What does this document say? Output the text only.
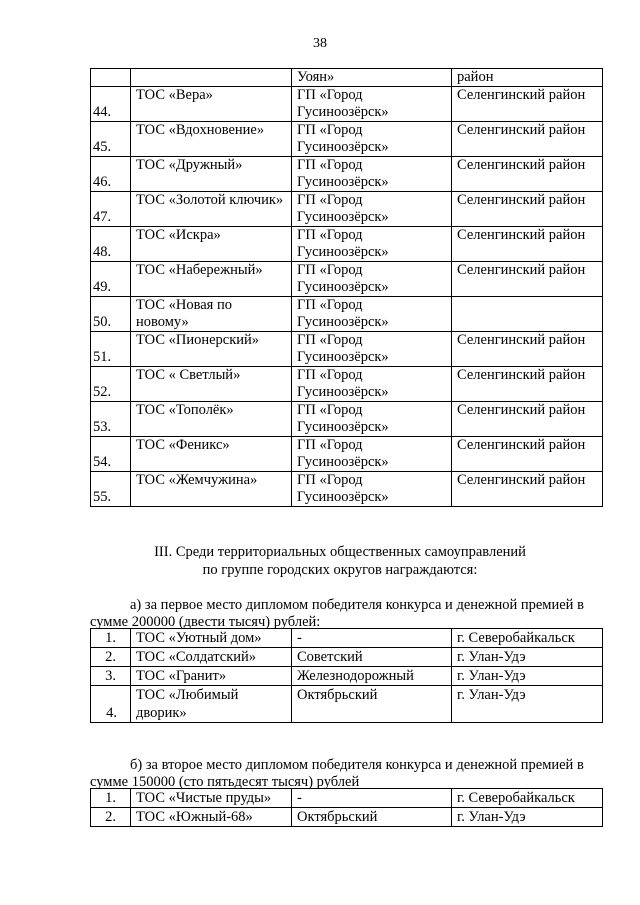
38
		Уоян»	район
44.	ТОС «Вера»	ГП «Город Гусиноозёрск»	Селенгинский район
45.	ТОС «Вдохновение»	ГП «Город Гусиноозёрск»	Селенгинский район
46.	ТОС «Дружный»	ГП «Город Гусиноозёрск»	Селенгинский район
47.	ТОС «Золотой ключик»	ГП «Город Гусиноозёрск»	Селенгинский район
48.	ТОС «Искра»	ГП «Город Гусиноозёрск»	Селенгинский район
49.	ТОС «Набережный»	ГП «Город Гусиноозёрск»	Селенгинский район
50.	ТОС «Новая по новому»	ГП «Город Гусиноозёрск»	
51.	ТОС «Пионерский»	ГП «Город Гусиноозёрск»	Селенгинский район
52.	ТОС « Светлый»	ГП «Город Гусиноозёрск»	Селенгинский район
53.	ТОС «Тополёк»	ГП «Город Гусиноозёрск»	Селенгинский район
54.	ТОС «Феникс»	ГП «Город Гусиноозёрск»	Селенгинский район
55.	ТОС «Жемчужина»	ГП «Город Гусиноозёрск»	Селенгинский район
III. Среди территориальных общественных самоуправлений
по группе городских округов награждаются:
а) за первое место дипломом победителя конкурса и денежной премией в сумме 200000 (двести тысяч) рублей:
1.	ТОС «Уютный дом»	-	г. Северобайкальск
2.	ТОС «Солдатский»	Советский	г. Улан-Удэ
3.	ТОС «Гранит»	Железнодорожный	г. Улан-Удэ
4.	ТОС «Любимый дворик»	Октябрьский	г. Улан-Удэ
б) за второе место дипломом победителя конкурса и денежной премией в сумме 150000 (сто пятьдесят тысяч) рублей
1.	ТОС «Чистые пруды»	-	г. Северобайкальск
2.	ТОС «Южный-68»	Октябрьский	г. Улан-Удэ
